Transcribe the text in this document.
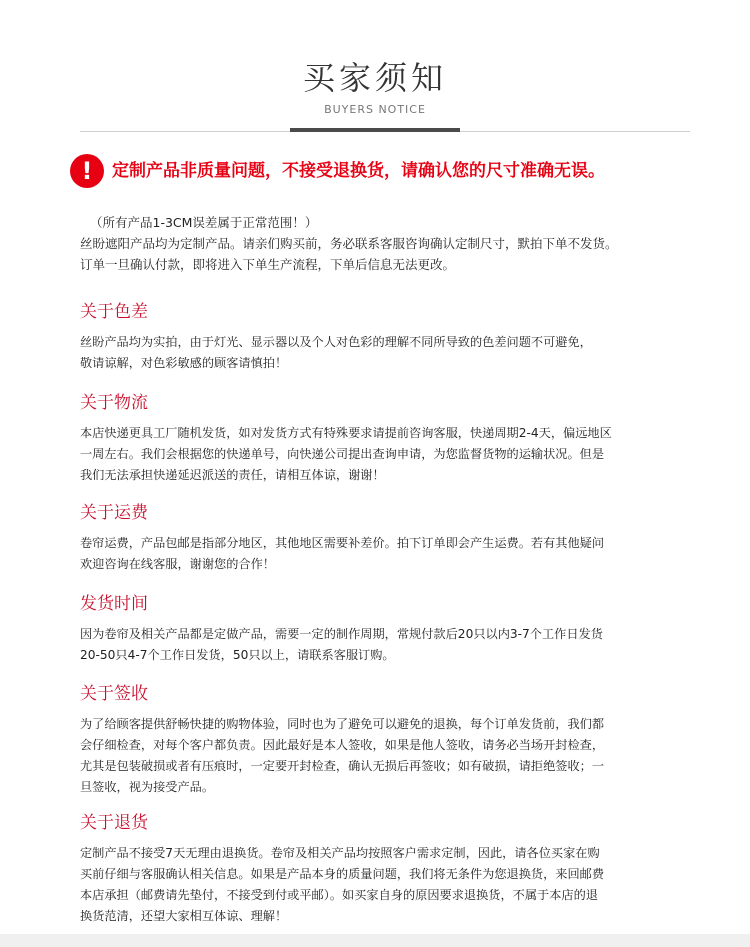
买家须知
BUYERS NOTICE
!	定制产品非质量问题，不接受退换货，请确认您的尺寸准确无误。

（所有产品1-3CM误差属于正常范围！）

丝盼遮阳产品均为定制产品。请亲们购买前，务必联系客服咨询确认定制尺寸，默拍下单不发货。

订单一旦确认付款，即将进入下单生产流程，下单后信息无法更改。

关于色差

丝盼产品均为实拍，由于灯光、显示器以及个人对色彩的理解不同所导致的色差问题不可避免，

敬请谅解，对色彩敏感的顾客请慎拍！

关于物流

本店快递更具工厂随机发货，如对发货方式有特殊要求请提前咨询客服，快递周期2-4天，偏远地区

一周左右。我们会根据您的快递单号，向快递公司提出查询申请，为您监督货物的运输状况。但是

我们无法承担快递延迟派送的责任，请相互体谅，谢谢！

关于运费

卷帘运费，产品包邮是指部分地区，其他地区需要补差价。拍下订单即会产生运费。若有其他疑问

欢迎咨询在线客服，谢谢您的合作！

发货时间

因为卷帘及相关产品都是定做产品，需要一定的制作周期，常规付款后20只以内3-7个工作日发货

20-50只4-7个工作日发货，50只以上，请联系客服订购。

关于签收

为了给顾客提供舒畅快捷的购物体验，同时也为了避免可以避免的退换，每个订单发货前，我们都

会仔细检查，对每个客户都负责。因此最好是本人签收，如果是他人签收，请务必当场开封检查，

尤其是包装破损或者有压痕时，一定要开封检查，确认无损后再签收；如有破损，请拒绝签收；一

旦签收，视为接受产品。

关于退货

定制产品不接受7天无理由退换货。卷帘及相关产品均按照客户需求定制，因此，请各位买家在购

买前仔细与客服确认相关信息。如果是产品本身的质量问题，我们将无条件为您退换货，来回邮费

本店承担（邮费请先垫付，不接受到付或平邮）。如买家自身的原因要求退换货，不属于本店的退

换货范清，还望大家相互体谅、理解！
